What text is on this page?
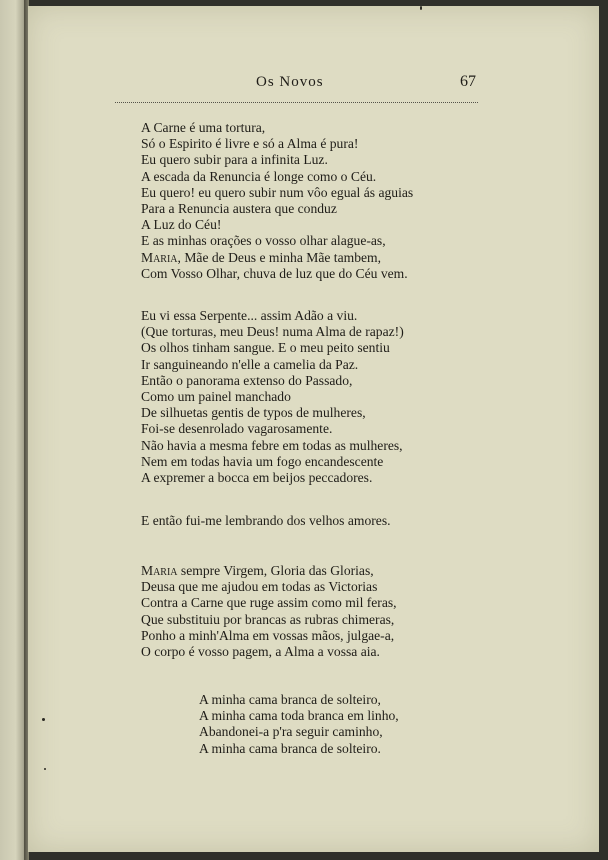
Os Novos	67
A Carne é uma tortura,
Só o Espirito é livre e só a Alma é pura!
Eu quero subir para a infinita Luz.
A escada da Renuncia é longe como o Céu.
Eu quero! eu quero subir num vôo egual ás aguias
Para a Renuncia austera que conduz
A Luz do Céu!
E as minhas orações o vosso olhar alague-as,
Maria, Mãe de Deus e minha Mãe tambem,
Com Vosso Olhar, chuva de luz que do Céu vem.
Eu vi essa Serpente... assim Adão a viu.
(Que torturas, meu Deus! numa Alma de rapaz!)
Os olhos tinham sangue. E o meu peito sentiu
Ir sanguineando n'elle a camelia da Paz.
Então o panorama extenso do Passado,
Como um painel manchado
De silhuetas gentis de typos de mulheres,
Foi-se desenrolado vagarosamente.
Não havia a mesma febre em todas as mulheres,
Nem em todas havia um fogo encandescente
A expremer a bocca em beijos peccadores.
E então fui-me lembrando dos velhos amores.
Maria sempre Virgem, Gloria das Glorias,
Deusa que me ajudou em todas as Victorias
Contra a Carne que ruge assim como mil feras,
Que substituiu por brancas as rubras chimeras,
Ponho a minh'Alma em vossas mãos, julgae-a,
O corpo é vosso pagem, a Alma a vossa aia.
A minha cama branca de solteiro,
A minha cama toda branca em linho,
Abandonei-a p'ra seguir caminho,
A minha cama branca de solteiro.
